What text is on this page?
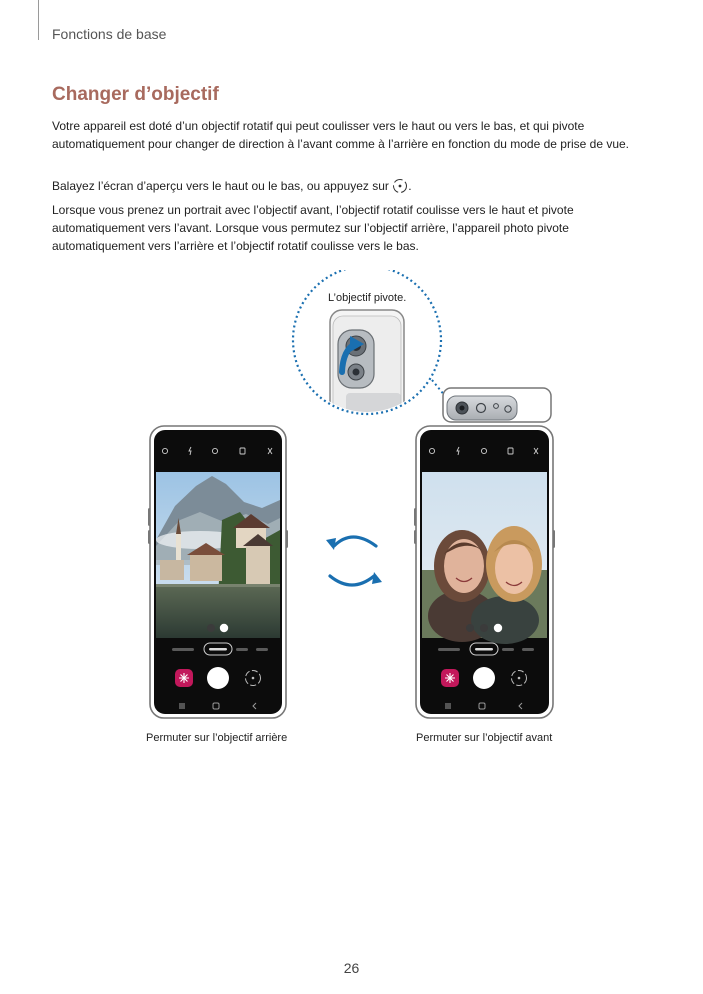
Fonctions de base
Changer d’objectif

Votre appareil est doté d’un objectif rotatif qui peut coulisser vers le haut ou vers le bas, et qui pivote automatiquement pour changer de direction à l’avant comme à l’arrière en fonction du mode de prise de vue.

Balayez l’écran d’aperçu vers le haut ou le bas, ou appuyez sur .

Lorsque vous prenez un portrait avec l’objectif avant, l’objectif rotatif coulisse vers le haut et pivote automatiquement vers l’avant. Lorsque vous permutez sur l’objectif arrière, l’appareil photo pivote automatiquement vers l’arrière et l’objectif rotatif coulisse vers le bas.

L’objectif pivote.
Permuter sur l’objectif arrière	Permuter sur l’objectif avant
26
